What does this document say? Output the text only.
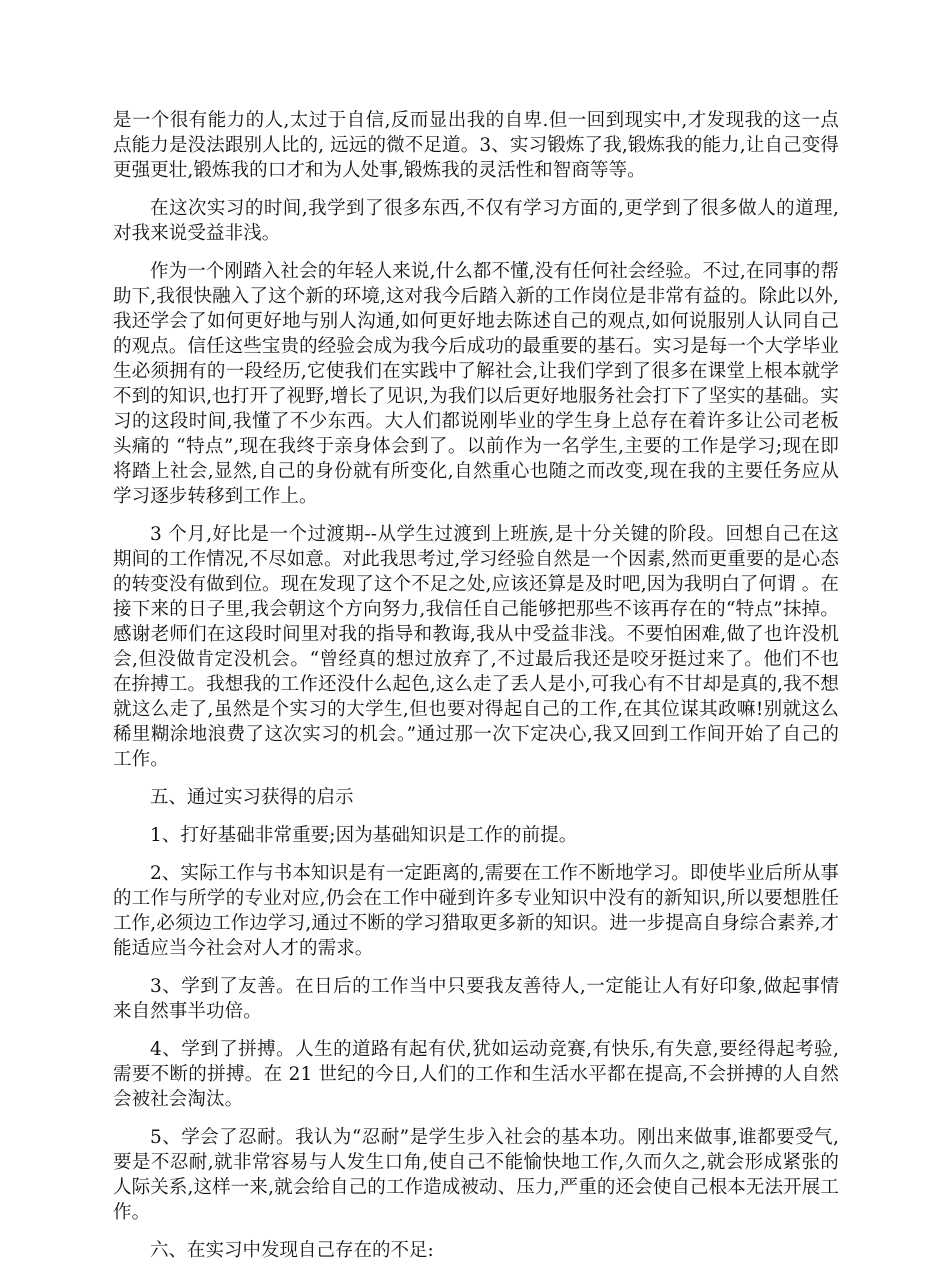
是一个很有能力的人,太过于自信,反而显出我的自卑.但一回到现实中,才发现我的这一点点能力是没法跟别人比的, 远远的微不足道。3、实习锻炼了我,锻炼我的能力,让自己变得更强更壮,锻炼我的口才和为人处事,锻炼我的灵活性和智商等等。

在这次实习的时间,我学到了很多东西,不仅有学习方面的,更学到了很多做人的道理,对我来说受益非浅。

作为一个刚踏入社会的年轻人来说,什么都不懂,没有任何社会经验。不过,在同事的帮助下,我很快融入了这个新的环境,这对我今后踏入新的工作岗位是非常有益的。除此以外,我还学会了如何更好地与别人沟通,如何更好地去陈述自己的观点,如何说服别人认同自己的观点。信任这些宝贵的经验会成为我今后成功的最重要的基石。实习是每一个大学毕业生必须拥有的一段经历,它使我们在实践中了解社会,让我们学到了很多在课堂上根本就学不到的知识,也打开了视野,增长了见识,为我们以后更好地服务社会打下了坚实的基础。实习的这段时间,我懂了不少东西。大人们都说刚毕业的学生身上总存在着许多让公司老板头痛的 “特点”,现在我终于亲身体会到了。以前作为一名学生,主要的工作是学习;现在即将踏上社会,显然,自己的身份就有所变化,自然重心也随之而改变,现在我的主要任务应从学习逐步转移到工作上。

3 个月,好比是一个过渡期--从学生过渡到上班族,是十分关键的阶段。回想自己在这期间的工作情况,不尽如意。对此我思考过,学习经验自然是一个因素,然而更重要的是心态的转变没有做到位。现在发现了这个不足之处,应该还算是及时吧,因为我明白了何谓 。在接下来的日子里,我会朝这个方向努力,我信任自己能够把那些不该再存在的“特点”抹掉。感谢老师们在这段时间里对我的指导和教诲,我从中受益非浅。不要怕困难,做了也许没机会,但没做肯定没机会。“曾经真的想过放弃了,不过最后我还是咬牙挺过来了。他们不也在拚搏工。我想我的工作还没什么起色,这么走了丢人是小,可我心有不甘却是真的,我不想就这么走了,虽然是个实习的大学生,但也要对得起自己的工作,在其位谋其政嘛!别就这么稀里糊涂地浪费了这次实习的机会。”通过那一次下定决心,我又回到工作间开始了自己的工作。

五、通过实习获得的启示

1、打好基础非常重要;因为基础知识是工作的前提。

2、实际工作与书本知识是有一定距离的,需要在工作不断地学习。即使毕业后所从事的工作与所学的专业对应,仍会在工作中碰到许多专业知识中没有的新知识,所以要想胜任工作,必须边工作边学习,通过不断的学习猎取更多新的知识。进一步提高自身综合素养,才能适应当今社会对人才的需求。

3、学到了友善。在日后的工作当中只要我友善待人,一定能让人有好印象,做起事情来自然事半功倍。

4、学到了拼搏。人生的道路有起有伏,犹如运动竞赛,有快乐,有失意,要经得起考验,需要不断的拼搏。在 21 世纪的今日,人们的工作和生活水平都在提高,不会拼搏的人自然会被社会淘汰。

5、学会了忍耐。我认为“忍耐”是学生步入社会的基本功。刚出来做事,谁都要受气,要是不忍耐,就非常容易与人发生口角,使自己不能愉快地工作,久而久之,就会形成紧张的人际关系,这样一来,就会给自己的工作造成被动、压力,严重的还会使自己根本无法开展工作。

六、在实习中发现自己存在的不足:
